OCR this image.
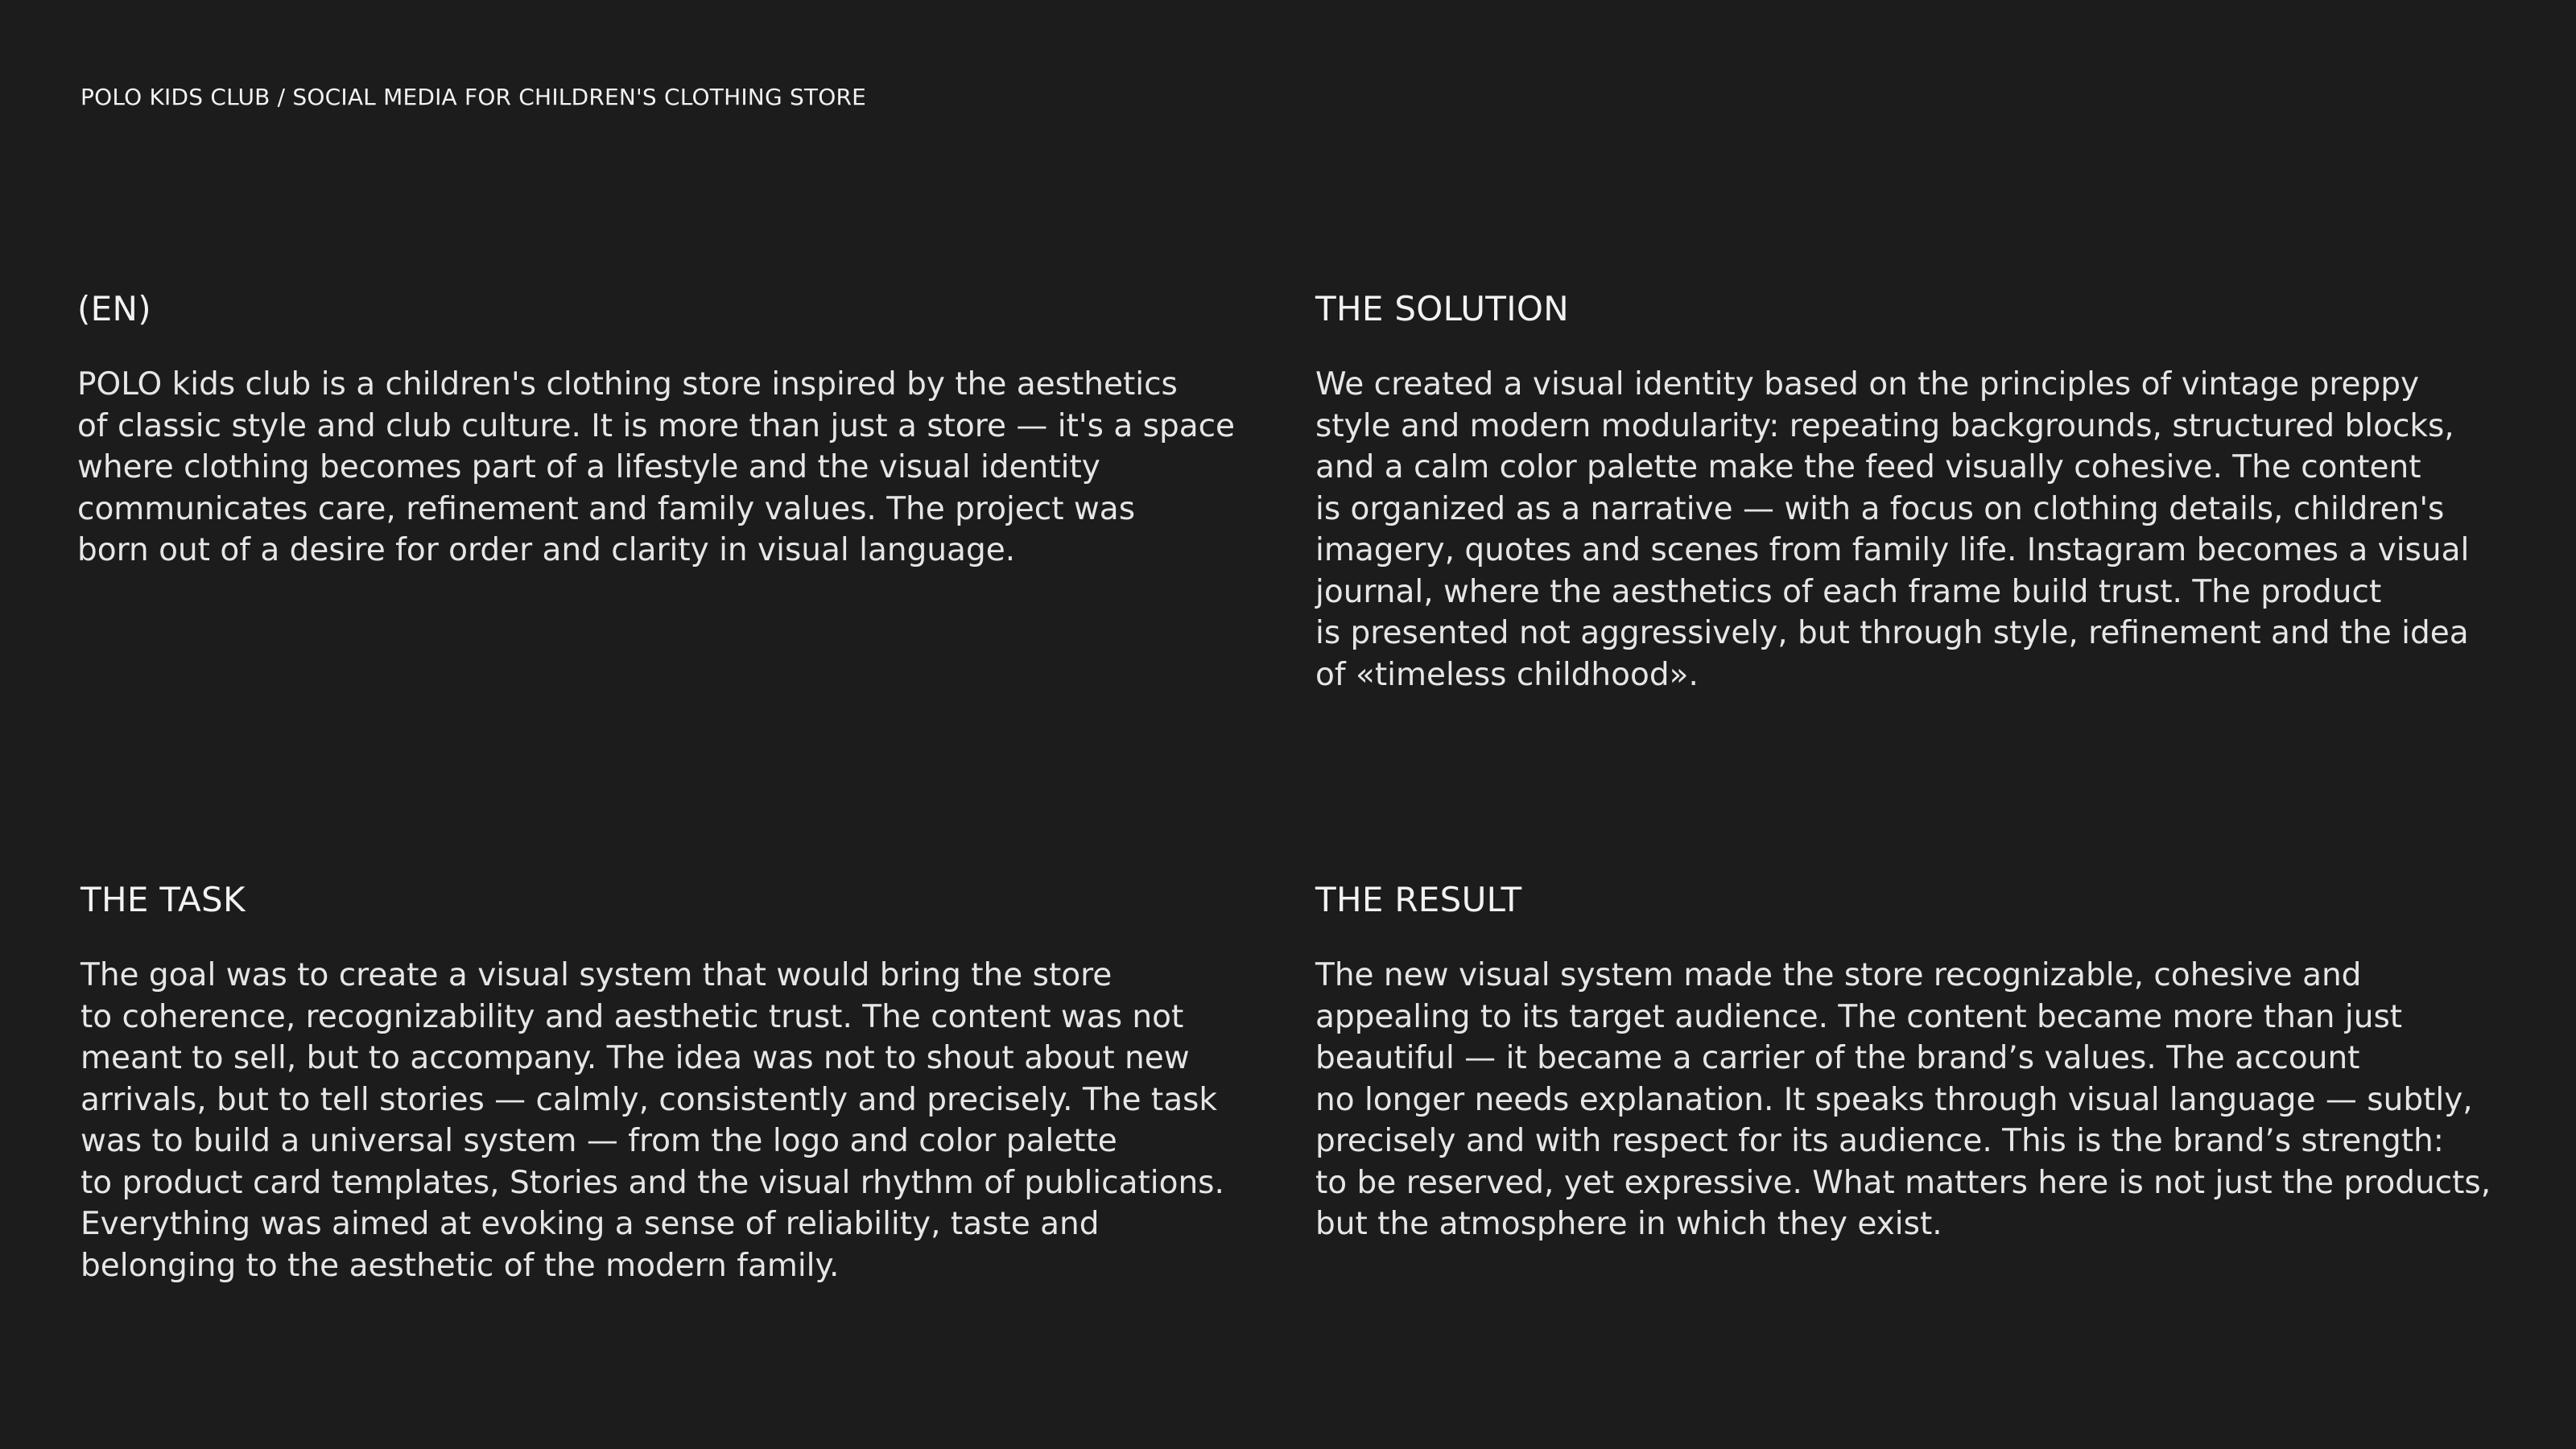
POLO KIDS CLUB / SOCIAL MEDIA FOR CHILDREN'S CLOTHING STORE
(EN)
POLO kids club is a children's clothing store inspired by the aesthetics
of classic style and club culture. It is more than just a store — it's a space
where clothing becomes part of a lifestyle and the visual identity
communicates care, refinement and family values. The project was
born out of a desire for order and clarity in visual language.
THE SOLUTION
We created a visual identity based on the principles of vintage preppy
style and modern modularity: repeating backgrounds, structured blocks,
and a calm color palette make the feed visually cohesive. The content
is organized as a narrative — with a focus on clothing details, children's
imagery, quotes and scenes from family life. Instagram becomes a visual
journal, where the aesthetics of each frame build trust. The product
is presented not aggressively, but through style, refinement and the idea
of «timeless childhood».
THE TASK
The goal was to create a visual system that would bring the store
to coherence, recognizability and aesthetic trust. The content was not
meant to sell, but to accompany. The idea was not to shout about new
arrivals, but to tell stories — calmly, consistently and precisely. The task
was to build a universal system — from the logo and color palette
to product card templates, Stories and the visual rhythm of publications.
Everything was aimed at evoking a sense of reliability, taste and
belonging to the aesthetic of the modern family.
THE RESULT
The new visual system made the store recognizable, cohesive and
appealing to its target audience. The content became more than just
beautiful — it became a carrier of the brand’s values. The account
no longer needs explanation. It speaks through visual language — subtly,
precisely and with respect for its audience. This is the brand’s strength:
to be reserved, yet expressive. What matters here is not just the products,
but the atmosphere in which they exist.
